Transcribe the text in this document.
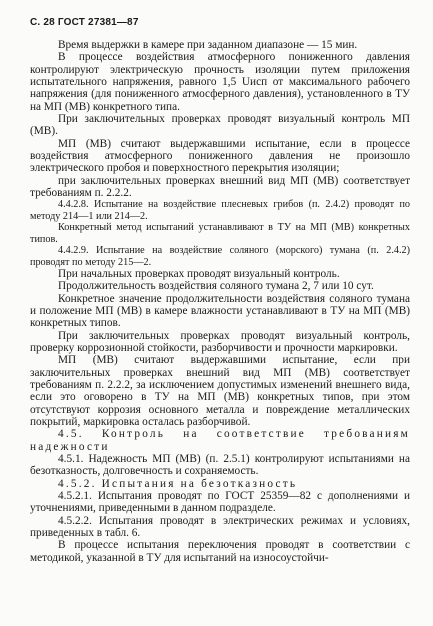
С. 28 ГОСТ 27381—87

Время выдержки в камере при заданном диапазоне — 15 мин.

В процессе воздействия атмосферного пониженного давления контролируют электрическую прочность изоляции путем приложения испытательного напряжения, равного 1,5 Uисп от максимального рабочего напряжения (для пониженного атмосферного давления), установленного в ТУ на МП (МВ) конкретного типа.

При заключительных проверках проводят визуальный контроль МП (МВ).

МП (МВ) считают выдержавшими испытание, если в процессе воздействия атмосферного пониженного давления не произошло электрического пробоя и поверхностного перекрытия изоляции;

при заключительных проверках внешний вид МП (МВ) соответствует требованиям п. 2.2.2.

4.4.2.8. Испытание на воздействие плесневых грибов (п. 2.4.2) проводят по методу 214—1 или 214—2.

Конкретный метод испытаний устанавливают в ТУ на МП (МВ) конкретных типов.

4.4.2.9. Испытание на воздействие соляного (морского) тумана (п. 2.4.2) проводят по методу 215—2.

При начальных проверках проводят визуальный контроль.

Продолжительность воздействия соляного тумана 2, 7 или 10 сут.

Конкретное значение продолжительности воздействия соляного тумана и положение МП (МВ) в камере влажности устанавливают в ТУ на МП (МВ) конкретных типов.

При заключительных проверках проводят визуальный контроль, проверку коррозионной стойкости, разборчивости и прочности маркировки.

МП (МВ) считают выдержавшими испытание, если при заключительных проверках внешний вид МП (МВ) соответствует требованиям п. 2.2.2, за исключением допустимых изменений внешнего вида, если это оговорено в ТУ на МП (МВ) конкретных типов, при этом отсутствуют коррозия основного металла и повреждение металлических покрытий, маркировка осталась разборчивой.

4.5. Контроль на соответствие требованиям надежности

4.5.1. Надежность МП (МВ) (п. 2.5.1) контролируют испытаниями на безотказность, долговечность и сохраняемость.

4.5.2. Испытания на безотказность

4.5.2.1. Испытания проводят по ГОСТ 25359—82 с дополнениями и уточнениями, приведенными в данном подразделе.

4.5.2.2. Испытания проводят в электрических режимах и условиях, приведенных в табл. 6.

В процессе испытания переключения проводят в соответствии с методикой, указанной в ТУ для испытаний на износоустойчи-
